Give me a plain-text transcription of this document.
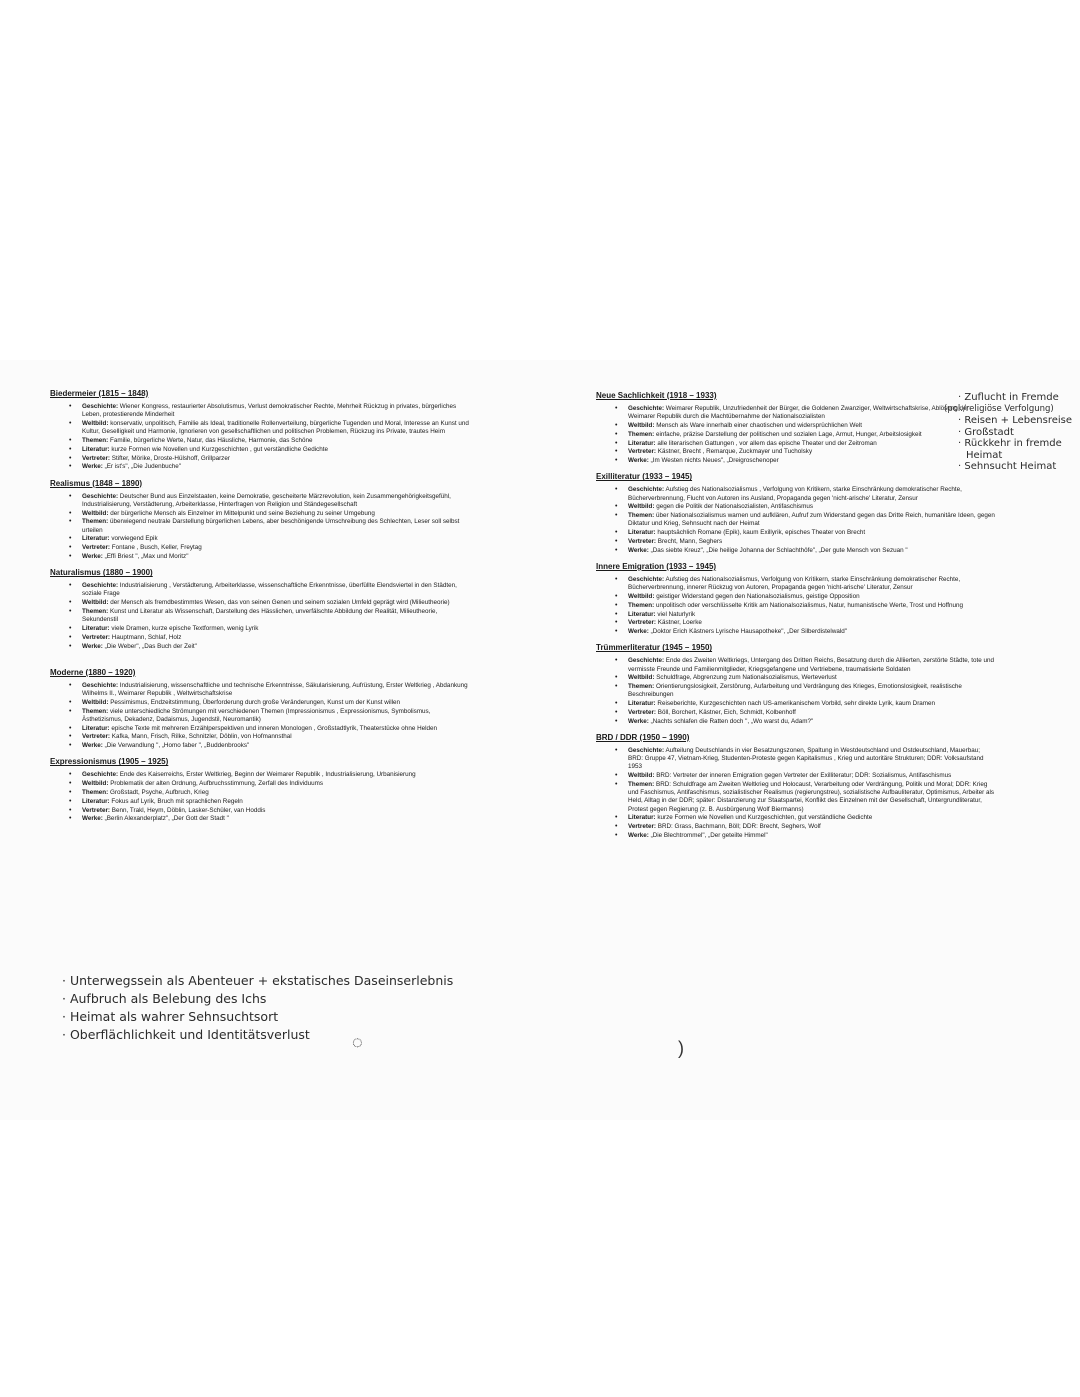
Biedermeier (1815 – 1848)
• Geschichte: Wiener Kongress, restaurierter Absolutismus, Verlust demokratischer Rechte, Mehrheit Rückzug in privates, bürgerliches Leben, protestierende Minderheit
• Weltbild: konservativ, unpolitisch, Familie als Ideal, traditionelle Rollenverteilung, bürgerliche Tugenden und Moral, Interesse an Kunst und Kultur, Geselligkeit und Harmonie, Ignorieren von gesellschaftlichen und politischen Problemen, Rückzug ins Private, trautes Heim
• Themen: Familie, bürgerliche Werte, Natur, das Häusliche, Harmonie, das Schöne
• Literatur: kurze Formen wie Novellen und Kurzgeschichten , gut verständliche Gedichte
• Vertreter: Stifter, Mörike, Droste-Hülshoff, Grillparzer
• Werke: „Er ist's", „Die Judenbuche"
Realismus (1848 – 1890)
• Geschichte: Deutscher Bund aus Einzelstaaten, keine Demokratie, gescheiterte Märzrevolution, kein Zusammengehörigkeitsgefühl, Industrialisierung, Verstädterung, Arbeiterklasse, Hinterfragen von Religion und Ständegesellschaft
• Weltbild: der bürgerliche Mensch als Einzelner im Mittelpunkt und seine Beziehung zu seiner Umgebung
• Themen: überwiegend neutrale Darstellung bürgerlichen Lebens, aber beschönigende Umschreibung des Schlechten, Leser soll selbst urteilen
• Literatur: vorwiegend Epik
• Vertreter: Fontane , Busch, Keller, Freytag
• Werke: „Effi Briest ", „Max und Moritz"
Naturalismus (1880 – 1900)
• Geschichte: Industrialisierung , Verstädterung, Arbeiterklasse, wissenschaftliche Erkenntnisse, überfüllte Elendsviertel in den Städten, soziale Frage
• Weltbild: der Mensch als fremdbestimmtes Wesen, das von seinen Genen und seinem sozialen Umfeld geprägt wird (Milieutheorie)
• Themen: Kunst und Literatur als Wissenschaft, Darstellung des Hässlichen, unverfälschte Abbildung der Realität, Milieutheorie, Sekundenstil
• Literatur: viele Dramen, kurze epische Textformen, wenig Lyrik
• Vertreter: Hauptmann, Schlaf, Holz
• Werke: „Die Weber", „Das Buch der Zeit"
Moderne (1880 – 1920)
• Geschichte: Industrialisierung, wissenschaftliche und technische Erkenntnisse, Säkularisierung, Aufrüstung, Erster Weltkrieg , Abdankung Wilhelms II., Weimarer Republik , Weltwirtschaftskrise
• Weltbild: Pessimismus, Endzeitstimmung, Überforderung durch große Veränderungen, Kunst um der Kunst willen
• Themen: viele unterschiedliche Strömungen mit verschiedenen Themen (Impressionismus , Expressionismus, Symbolismus, Ästhetizismus, Dekadenz, Dadaismus, Jugendstil, Neuromantik)
• Literatur: epische Texte mit mehreren Erzählperspektiven und inneren Monologen , Großstadtlyrik, Theaterstücke ohne Helden
• Vertreter: Kafka, Mann, Frisch, Rilke, Schnitzler, Döblin, von Hofmannsthal
• Werke: „Die Verwandlung ", „Homo faber ", „Buddenbrooks"
Expressionismus (1905 – 1925)
• Geschichte: Ende des Kaiserreichs, Erster Weltkrieg, Beginn der Weimarer Republik , Industrialisierung, Urbanisierung
• Weltbild: Problematik der alten Ordnung, Aufbruchsstimmung, Zerfall des Individuums
• Themen: Großstadt, Psyche, Aufbruch, Krieg
• Literatur: Fokus auf Lyrik, Bruch mit sprachlichen Regeln
• Vertreter: Benn, Trakl, Heym, Döblin, Lasker-Schüler, van Hoddis
• Werke: „Berlin Alexanderplatz", „Der Gott der Stadt "
Neue Sachlichkeit (1918 – 1933)
• Geschichte: Weimarer Republik, Unzufriedenheit der Bürger, die Goldenen Zwanziger, Weltwirtschaftskrise, Ablösung der Weimarer Republik durch die Machtübernahme der Nationalsozialisten
• Weltbild: Mensch als Ware innerhalb einer chaotischen und widersprüchlichen Welt
• Themen: einfache, präzise Darstellung der politischen und sozialen Lage, Armut, Hunger, Arbeitslosigkeit
• Literatur: alle literarischen Gattungen , vor allem das epische Theater und der Zeitroman
• Vertreter: Kästner, Brecht , Remarque, Zuckmayer und Tucholsky
• Werke: „Im Westen nichts Neues", „Dreigroschenoper
Exilliteratur (1933 – 1945)
• Geschichte: Aufstieg des Nationalsozialismus , Verfolgung von Kritikern, starke Einschränkung demokratischer Rechte, Bücherverbrennung, Flucht von Autoren ins Ausland, Propaganda gegen 'nicht-arische' Literatur, Zensur
• Weltbild: gegen die Politik der Nationalsozialisten, Antifaschismus
• Themen: über Nationalsozialismus warnen und aufklären, Aufruf zum Widerstand gegen das Dritte Reich, humanitäre Ideen, gegen Diktatur und Krieg, Sehnsucht nach der Heimat
• Literatur: hauptsächlich Romane (Epik), kaum Exillyrik, episches Theater von Brecht
• Vertreter: Brecht, Mann, Seghers
• Werke: „Das siebte Kreuz", „Die heilige Johanna der Schlachthöfe", „Der gute Mensch von Sezuan "
Innere Emigration (1933 – 1945)
• Geschichte: Aufstieg des Nationalsozialismus, Verfolgung von Kritikern, starke Einschränkung demokratischer Rechte, Bücherverbrennung, innerer Rückzug von Autoren, Propaganda gegen 'nicht-arische' Literatur, Zensur
• Weltbild: geistiger Widerstand gegen den Nationalsozialismus, geistige Opposition
• Themen: unpolitisch oder verschlüsselte Kritik am Nationalsozialismus, Natur, humanistische Werte, Trost und Hoffnung
• Literatur: viel Naturlyrik
• Vertreter: Kästner, Loerke
• Werke: „Doktor Erich Kästners Lyrische Hausapotheke", „Der Silberdistelwald"
Trümmerliteratur (1945 – 1950)
• Geschichte: Ende des Zweiten Weltkriegs, Untergang des Dritten Reichs, Besatzung durch die Alliierten, zerstörte Städte, tote und vermisste Freunde und Familienmitglieder, Kriegsgefangene und Vertriebene, traumatisierte Soldaten
• Weltbild: Schuldfrage, Abgrenzung zum Nationalsozialismus, Werteverlust
• Themen: Orientierungslosigkeit, Zerstörung, Aufarbeitung und Verdrängung des Krieges, Emotionslosigkeit, realistische Beschreibungen
• Literatur: Reiseberichte, Kurzgeschichten nach US-amerikanischem Vorbild, sehr direkte Lyrik, kaum Dramen
• Vertreter: Böll, Borchert, Kästner, Eich, Schmidt, Kolbenhoff
• Werke: „Nachts schlafen die Ratten doch ", „Wo warst du, Adam?"
BRD / DDR (1950 – 1990)
• Geschichte: Aufteilung Deutschlands in vier Besatzungszonen, Spaltung in Westdeutschland und Ostdeutschland, Mauerbau; BRD: Gruppe 47, Vietnam-Krieg, Studenten-Proteste gegen Kapitalismus , Krieg und autoritäre Strukturen; DDR: Volksaufstand 1953
• Weltbild: BRD: Vertreter der inneren Emigration gegen Vertreter der Exilliteratur; DDR: Sozialismus, Antifaschismus
• Themen: BRD: Schuldfrage am Zweiten Weltkrieg und Holocaust, Verarbeitung oder Verdrängung, Politik und Moral; DDR: Krieg und Faschismus, Antifaschismus, sozialistischer Realismus (regierungstreu), sozialistische Aufbauliteratur, Optimismus, Arbeiter als Held, Alltag in der DDR; später: Distanzierung zur Staatspartei, Konflikt des Einzelnen mit der Gesellschaft, Untergrundliteratur, Protest gegen Regierung (z. B. Ausbürgerung Wolf Biermanns)
• Literatur: kurze Formen wie Novellen und Kurzgeschichten, gut verständliche Gedichte
• Vertreter: BRD: Grass, Bachmann, Böll; DDR: Brecht, Seghers, Wolf
• Werke: „Die Blechtrommel", „Der geteilte Himmel"
· Unterwegssein als Abenteuer + ekstatisches Daseinserlebnis
· Aufbruch als Belebung des Ichs
· Heimat als wahrer Sehnsuchtsort
· Oberflächlichkeit und Identitätsverlust
· Zuflucht in Fremde
(pol./religiöse Verfolgung)
· Reisen + Lebensreise
· Großstadt
· Rückkehr in fremde
Heimat
· Sehnsucht Heimat
◌	)
